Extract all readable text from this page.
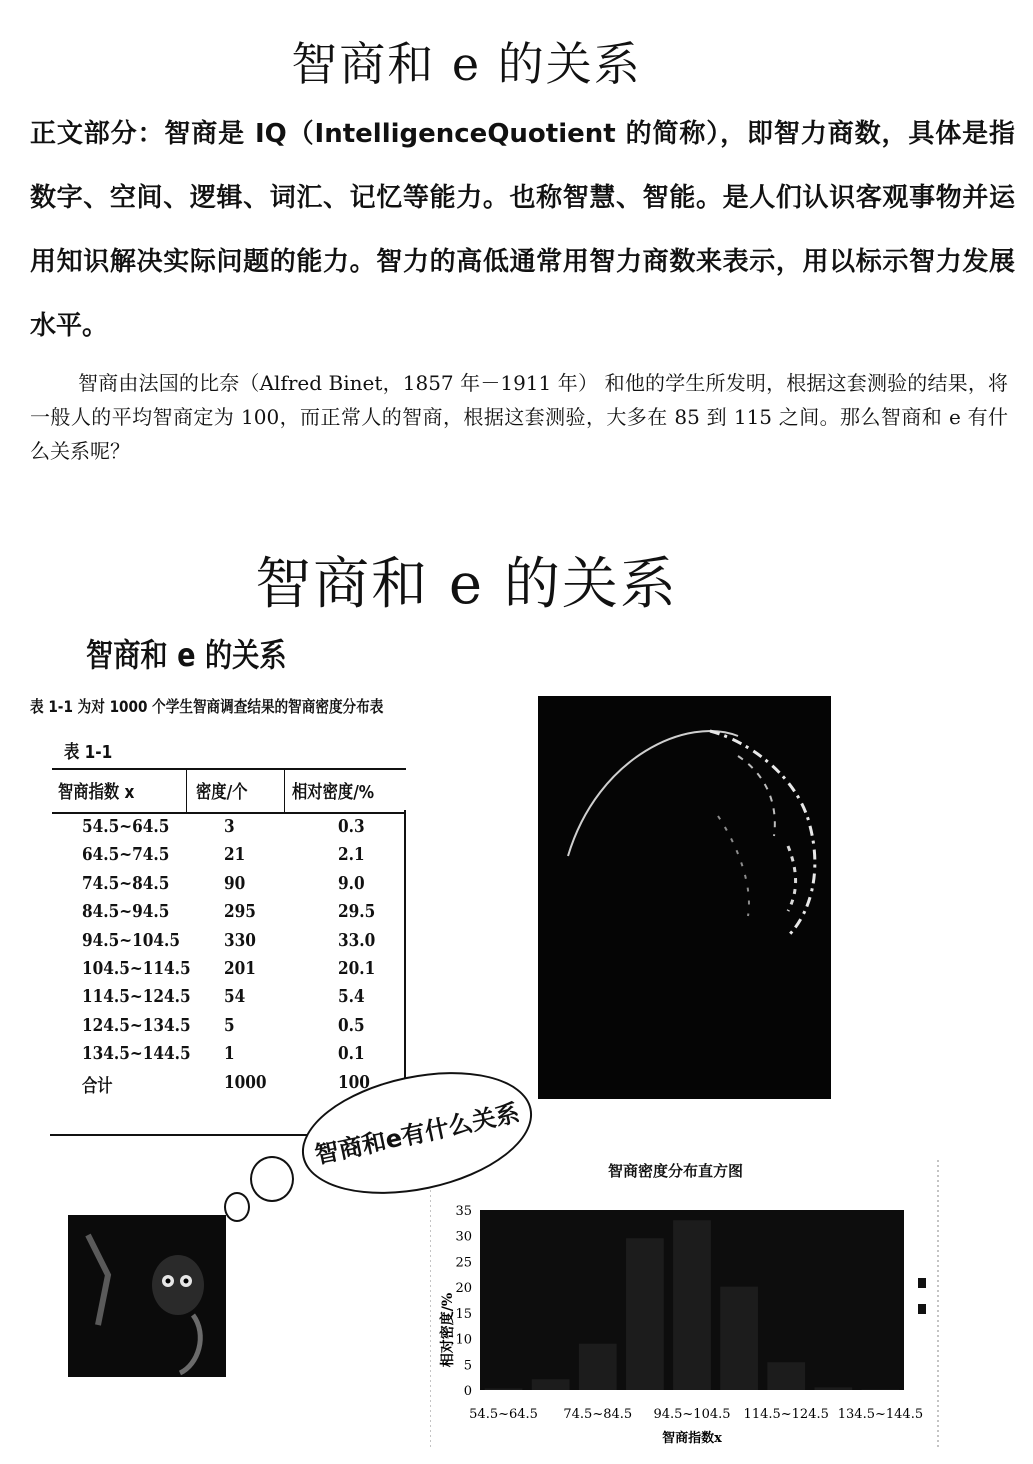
智商和 e 的关系
正文部分：智商是 IQ（IntelligenceQuotient 的简称），即智力商数，具体是指数字、空间、逻辑、词汇、记忆等能力。也称智慧、智能。是人们认识客观事物并运用知识解决实际问题的能力。智力的高低通常用智力商数来表示，用以标示智力发展水平。
智商由法国的比奈（Alfred Binet，1857 年－1911 年） 和他的学生所发明，根据这套测验的结果，将一般人的平均智商定为 100，而正常人的智商，根据这套测验，大多在 85 到 115 之间。那么智商和 e 有什么关系呢？
智商和 e 的关系
智商和 e 的关系
表 1-1 为对 1000 个学生智商调查结果的智商密度分布表
表 1-1
智商指数 x	密度/个 相对密度/%
54.5~64.5	3	0.3
64.5~74.5	21	2.1
74.5~84.5	90	9.0
84.5~94.5	295	29.5
94.5~104.5 330	33.0
104.5~114.5 201	20.1
114.5~124.5 54	5.4
124.5~134.5 5	0.5
134.5~144.5 1	0.1
合计	1000	100
智商和e有什么关系
智商密度分布直方图
0
5
10
15
20
25
30
35
54.5~64.5 74.5~84.5 94.5~104.5 114.5~124.5 134.5~144.5
相对密度/%
智商指数x
